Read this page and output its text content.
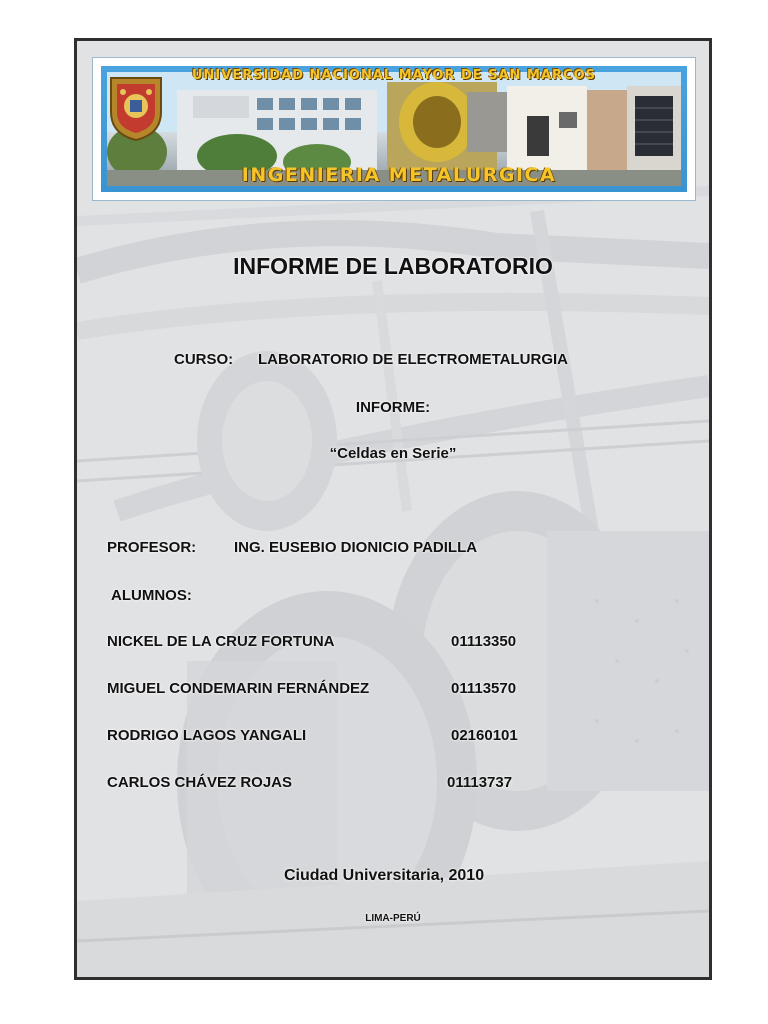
UNIVERSIDAD NACIONAL MAYOR DE SAN MARCOS
INGENIERIA METALURGICA
INFORME DE LABORATORIO
CURSO: LABORATORIO DE ELECTROMETALURGIA
INFORME:
“Celdas en Serie”
PROFESOR:	ING. EUSEBIO DIONICIO PADILLA
ALUMNOS:
NICKEL DE LA CRUZ FORTUNA	01113350
MIGUEL CONDEMARIN FERNÁNDEZ	01113570
RODRIGO LAGOS YANGALI	02160101
CARLOS CHÁVEZ ROJAS	01113737
Ciudad Universitaria, 2010
LIMA-PERÚ
